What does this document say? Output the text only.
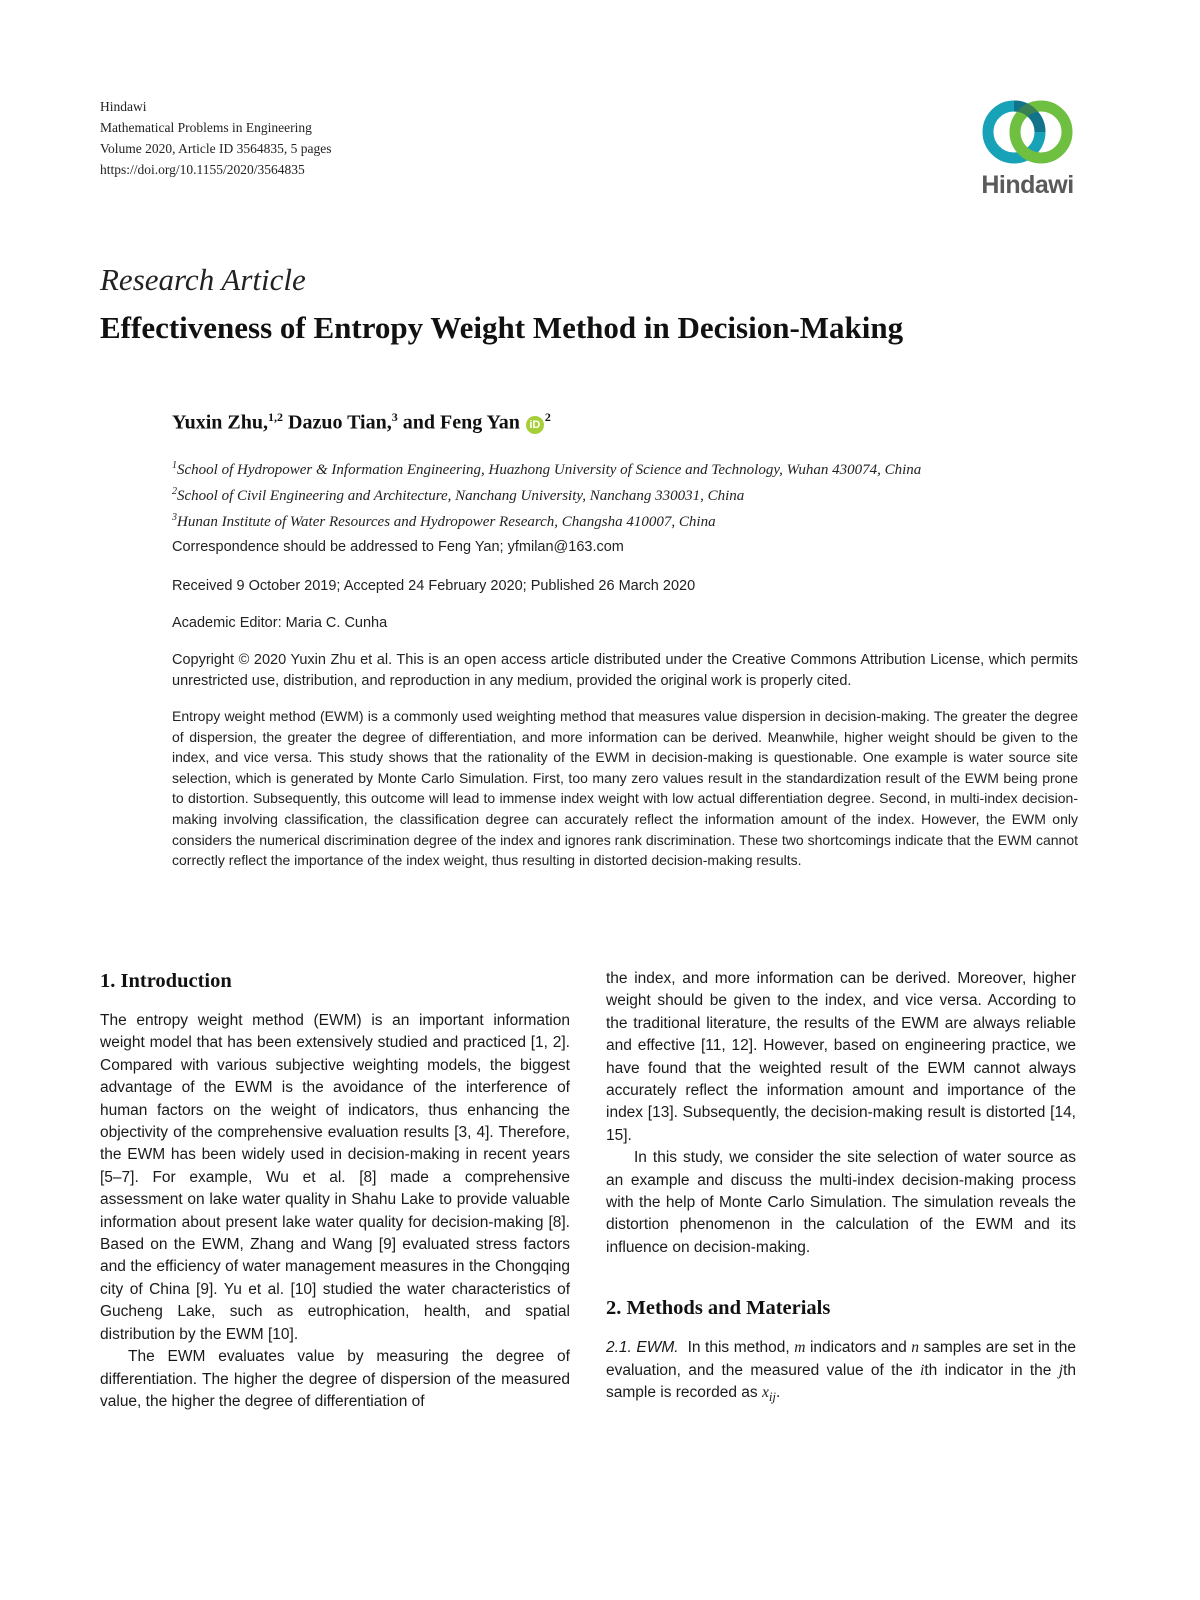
Hindawi
Mathematical Problems in Engineering
Volume 2020, Article ID 3564835, 5 pages
https://doi.org/10.1155/2020/3564835
Hindawi
Research Article
Effectiveness of Entropy Weight Method in Decision-Making
Yuxin Zhu,$^{1,2}$ Dazuo Tian,$^3$ and Feng Yan $iD^2$
$^1$School of Hydropower & Information Engineering, Huazhong University of Science and Technology, Wuhan 430074, China
$^2$School of Civil Engineering and Architecture, Nanchang University, Nanchang 330031, China
$^3$Hunan Institute of Water Resources and Hydropower Research, Changsha 410007, China
Correspondence should be addressed to Feng Yan; yfmilan@163.com
Received 9 October 2019; Accepted 24 February 2020; Published 26 March 2020
Academic Editor: Maria C. Cunha
Copyright © 2020 Yuxin Zhu et al. This is an open access article distributed under the Creative Commons Attribution License, which permits unrestricted use, distribution, and reproduction in any medium, provided the original work is properly cited.

Entropy weight method (EWM) is a commonly used weighting method that measures value dispersion in decision-making. The greater the degree of dispersion, the greater the degree of differentiation, and more information can be derived. Meanwhile, higher weight should be given to the index, and vice versa. This study shows that the rationality of the EWM in decision-making is questionable. One example is water source site selection, which is generated by Monte Carlo Simulation. First, too many zero values result in the standardization result of the EWM being prone to distortion. Subsequently, this outcome will lead to immense index weight with low actual differentiation degree. Second, in multi-index decision-making involving classification, the classification degree can accurately reflect the information amount of the index. However, the EWM only considers the numerical discrimination degree of the index and ignores rank discrimination. These two shortcomings indicate that the EWM cannot correctly reflect the importance of the index weight, thus resulting in distorted decision-making results.

1. Introduction

The entropy weight method (EWM) is an important information weight model that has been extensively studied and practiced [1, 2]. Compared with various subjective weighting models, the biggest advantage of the EWM is the avoidance of the interference of human factors on the weight of indicators, thus enhancing the objectivity of the comprehensive evaluation results [3, 4]. Therefore, the EWM has been widely used in decision-making in recent years [5–7]. For example, Wu et al. [8] made a comprehensive assessment on lake water quality in Shahu Lake to provide valuable information about present lake water quality for decision-making [8]. Based on the EWM, Zhang and Wang [9] evaluated stress factors and the efficiency of water management measures in the Chongqing city of China [9]. Yu et al. [10] studied the water characteristics of Gucheng Lake, such as eutrophication, health, and spatial distribution by the EWM [10].

The EWM evaluates value by measuring the degree of differentiation. The higher the degree of dispersion of the measured value, the higher the degree of differentiation of

the index, and more information can be derived. Moreover, higher weight should be given to the index, and vice versa. According to the traditional literature, the results of the EWM are always reliable and effective [11, 12]. However, based on engineering practice, we have found that the weighted result of the EWM cannot always accurately reflect the information amount and importance of the index [13]. Subsequently, the decision-making result is distorted [14, 15].

In this study, we consider the site selection of water source as an example and discuss the multi-index decision-making process with the help of Monte Carlo Simulation. The simulation reveals the distortion phenomenon in the calculation of the EWM and its influence on decision-making.

2. Methods and Materials

2.1. EWM. In this method, m indicators and n samples are set in the evaluation, and the measured value of the ith indicator in the jth sample is recorded as $x_{ij}$.
